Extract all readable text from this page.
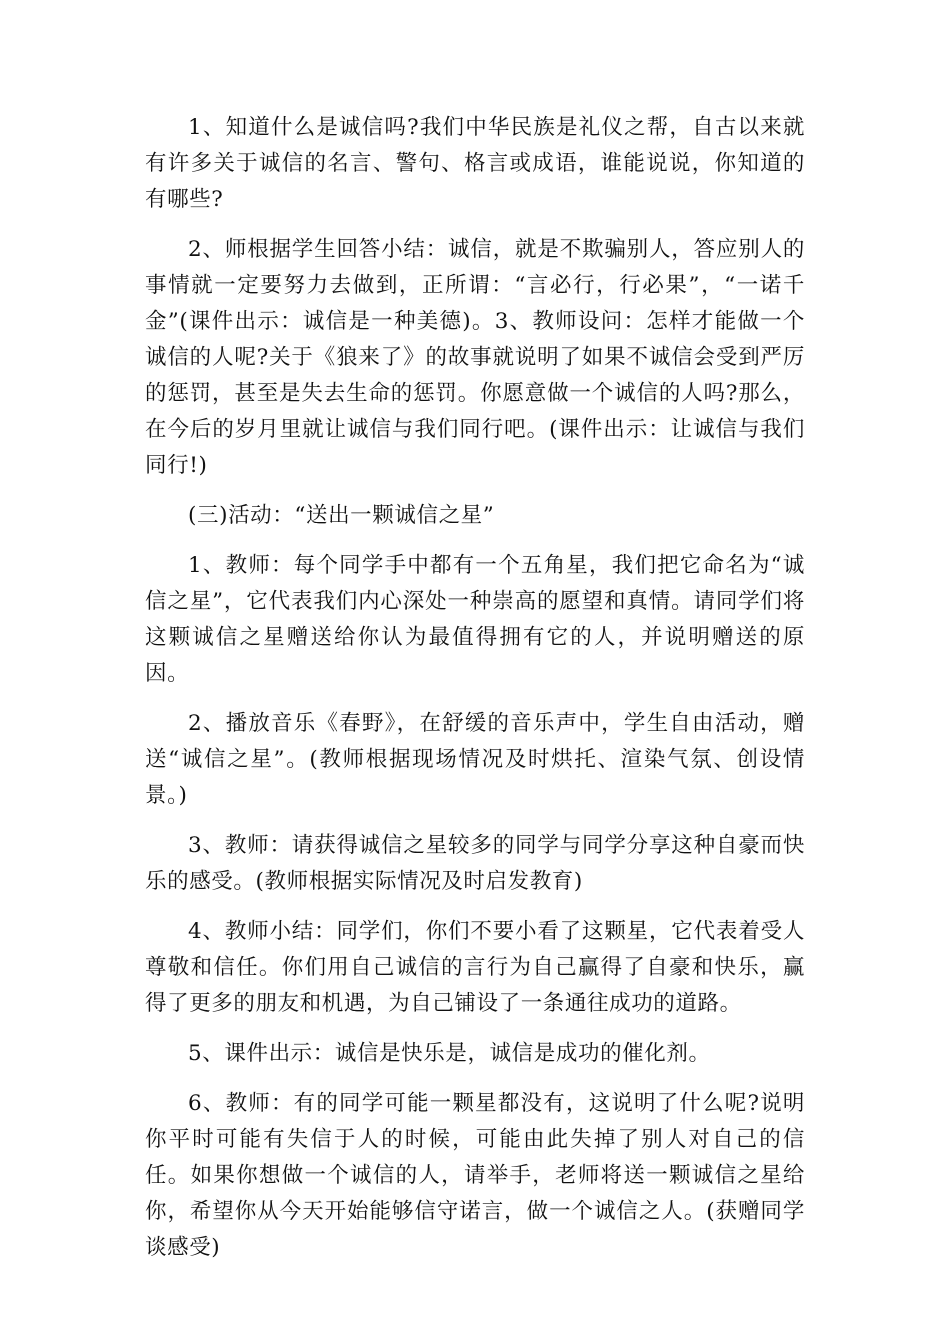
1、知道什么是诚信吗?我们中华民族是礼仪之帮，自古以来就有许多关于诚信的名言、警句、格言或成语，谁能说说，你知道的有哪些?

2、师根据学生回答小结：诚信，就是不欺骗别人，答应别人的事情就一定要努力去做到，正所谓：“言必行，行必果”，“一诺千金”(课件出示：诚信是一种美德)。3、教师设问：怎样才能做一个诚信的人呢?关于《狼来了》的故事就说明了如果不诚信会受到严厉的惩罚，甚至是失去生命的惩罚。你愿意做一个诚信的人吗?那么，在今后的岁月里就让诚信与我们同行吧。(课件出示：让诚信与我们同行!)

(三)活动：“送出一颗诚信之星”

1、教师：每个同学手中都有一个五角星，我们把它命名为“诚信之星”，它代表我们内心深处一种崇高的愿望和真情。请同学们将这颗诚信之星赠送给你认为最值得拥有它的人，并说明赠送的原因。

2、播放音乐《春野》，在舒缓的音乐声中，学生自由活动，赠送“诚信之星”。(教师根据现场情况及时烘托、渲染气氛、创设情景。)

3、教师：请获得诚信之星较多的同学与同学分享这种自豪而快乐的感受。(教师根据实际情况及时启发教育)

4、教师小结：同学们，你们不要小看了这颗星，它代表着受人尊敬和信任。你们用自己诚信的言行为自己赢得了自豪和快乐，赢得了更多的朋友和机遇，为自己铺设了一条通往成功的道路。

5、课件出示：诚信是快乐是，诚信是成功的催化剂。

6、教师：有的同学可能一颗星都没有，这说明了什么呢?说明你平时可能有失信于人的时候，可能由此失掉了别人对自己的信任。如果你想做一个诚信的人，请举手，老师将送一颗诚信之星给你，希望你从今天开始能够信守诺言，做一个诚信之人。(获赠同学谈感受)
